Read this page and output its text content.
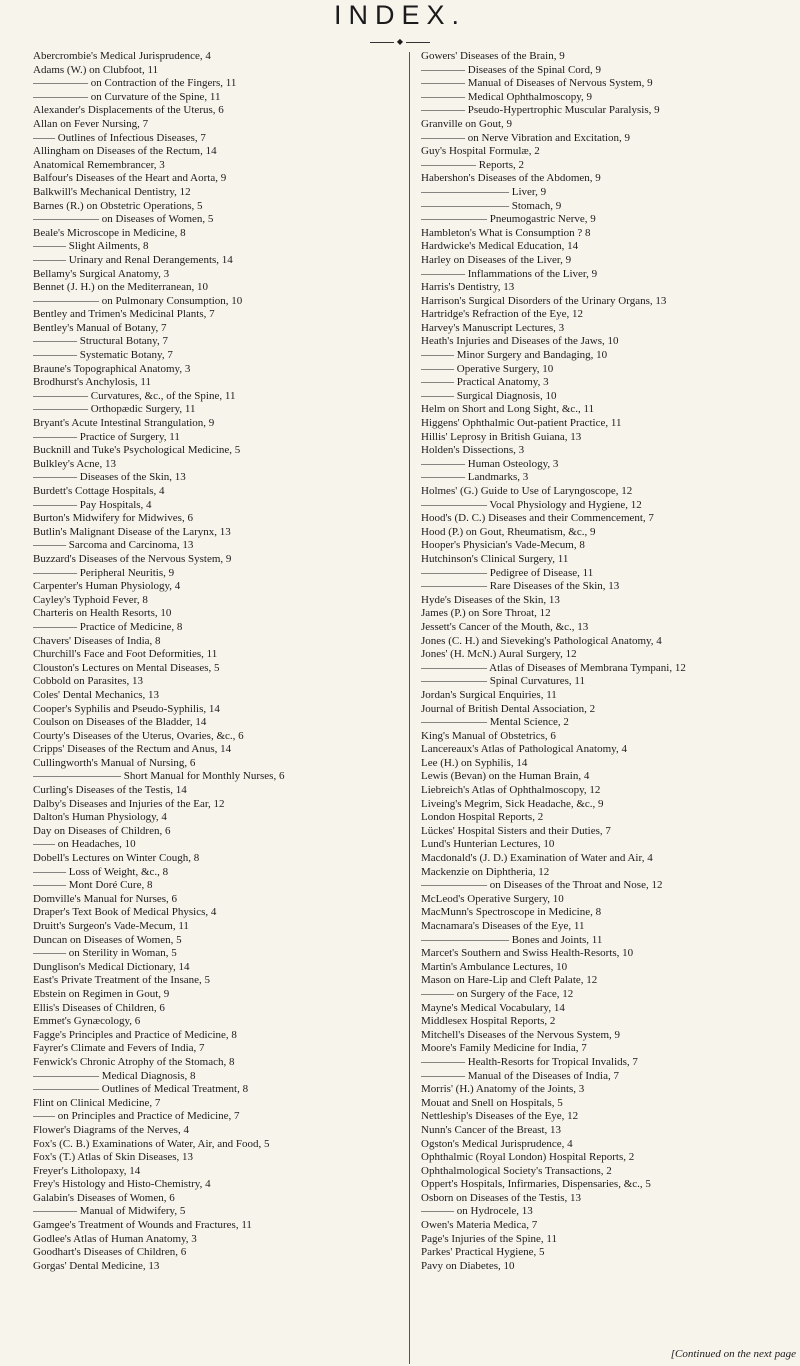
INDEX.
◆
Abercrombie's Medical Jurisprudence, 4
Adams (W.) on Clubfoot, 11
————— on Contraction of the Fingers, 11
————— on Curvature of the Spine, 11
Alexander's Displacements of the Uterus, 6
Allan on Fever Nursing, 7
—— Outlines of Infectious Diseases, 7
Allingham on Diseases of the Rectum, 14
Anatomical Remembrancer, 3
Balfour's Diseases of the Heart and Aorta, 9
Balkwill's Mechanical Dentistry, 12
Barnes (R.) on Obstetric Operations, 5
—————— on Diseases of Women, 5
Beale's Microscope in Medicine, 8
——— Slight Ailments, 8
——— Urinary and Renal Derangements, 14
Bellamy's Surgical Anatomy, 3
Bennet (J. H.) on the Mediterranean, 10
—————— on Pulmonary Consumption, 10
Bentley and Trimen's Medicinal Plants, 7
Bentley's Manual of Botany, 7
———— Structural Botany, 7
———— Systematic Botany, 7
Braune's Topographical Anatomy, 3
Brodhurst's Anchylosis, 11
————— Curvatures, &c., of the Spine, 11
————— Orthopædic Surgery, 11
Bryant's Acute Intestinal Strangulation, 9
———— Practice of Surgery, 11
Bucknill and Tuke's Psychological Medicine, 5
Bulkley's Acne, 13
———— Diseases of the Skin, 13
Burdett's Cottage Hospitals, 4
———— Pay Hospitals, 4
Burton's Midwifery for Midwives, 6
Butlin's Malignant Disease of the Larynx, 13
——— Sarcoma and Carcinoma, 13
Buzzard's Diseases of the Nervous System, 9
———— Peripheral Neuritis, 9
Carpenter's Human Physiology, 4
Cayley's Typhoid Fever, 8
Charteris on Health Resorts, 10
———— Practice of Medicine, 8
Chavers' Diseases of India, 8
Churchill's Face and Foot Deformities, 11
Clouston's Lectures on Mental Diseases, 5
Cobbold on Parasites, 13
Coles' Dental Mechanics, 13
Cooper's Syphilis and Pseudo-Syphilis, 14
Coulson on Diseases of the Bladder, 14
Courty's Diseases of the Uterus, Ovaries, &c., 6
Cripps' Diseases of the Rectum and Anus, 14
Cullingworth's Manual of Nursing, 6
———————— Short Manual for Monthly Nurses, 6
Curling's Diseases of the Testis, 14
Dalby's Diseases and Injuries of the Ear, 12
Dalton's Human Physiology, 4
Day on Diseases of Children, 6
—— on Headaches, 10
Dobell's Lectures on Winter Cough, 8
——— Loss of Weight, &c., 8
——— Mont Doré Cure, 8
Domville's Manual for Nurses, 6
Draper's Text Book of Medical Physics, 4
Druitt's Surgeon's Vade-Mecum, 11
Duncan on Diseases of Women, 5
——— on Sterility in Woman, 5
Dunglison's Medical Dictionary, 14
East's Private Treatment of the Insane, 5
Ebstein on Regimen in Gout, 9
Ellis's Diseases of Children, 6
Emmet's Gynæcology, 6
Fagge's Principles and Practice of Medicine, 8
Fayrer's Climate and Fevers of India, 7
Fenwick's Chronic Atrophy of the Stomach, 8
—————— Medical Diagnosis, 8
—————— Outlines of Medical Treatment, 8
Flint on Clinical Medicine, 7
—— on Principles and Practice of Medicine, 7
Flower's Diagrams of the Nerves, 4
Fox's (C. B.) Examinations of Water, Air, and Food, 5
Fox's (T.) Atlas of Skin Diseases, 13
Freyer's Litholopaxy, 14
Frey's Histology and Histo-Chemistry, 4
Galabin's Diseases of Women, 6
———— Manual of Midwifery, 5
Gamgee's Treatment of Wounds and Fractures, 11
Godlee's Atlas of Human Anatomy, 3
Goodhart's Diseases of Children, 6
Gorgas' Dental Medicine, 13
Gowers' Diseases of the Brain, 9
———— Diseases of the Spinal Cord, 9
———— Manual of Diseases of Nervous System, 9
———— Medical Ophthalmoscopy, 9
———— Pseudo-Hypertrophic Muscular Paralysis, 9
Granville on Gout, 9
———— on Nerve Vibration and Excitation, 9
Guy's Hospital Formulæ, 2
————— Reports, 2
Habershon's Diseases of the Abdomen, 9
———————— Liver, 9
———————— Stomach, 9
—————— Pneumogastric Nerve, 9
Hambleton's What is Consumption ? 8
Hardwicke's Medical Education, 14
Harley on Diseases of the Liver, 9
———— Inflammations of the Liver, 9
Harris's Dentistry, 13
Harrison's Surgical Disorders of the Urinary Organs, 13
Hartridge's Refraction of the Eye, 12
Harvey's Manuscript Lectures, 3
Heath's Injuries and Diseases of the Jaws, 10
——— Minor Surgery and Bandaging, 10
——— Operative Surgery, 10
——— Practical Anatomy, 3
——— Surgical Diagnosis, 10
Helm on Short and Long Sight, &c., 11
Higgens' Ophthalmic Out-patient Practice, 11
Hillis' Leprosy in British Guiana, 13
Holden's Dissections, 3
———— Human Osteology, 3
———— Landmarks, 3
Holmes' (G.) Guide to Use of Laryngoscope, 12
—————— Vocal Physiology and Hygiene, 12
Hood's (D. C.) Diseases and their Commencement, 7
Hood (P.) on Gout, Rheumatism, &c., 9
Hooper's Physician's Vade-Mecum, 8
Hutchinson's Clinical Surgery, 11
—————— Pedigree of Disease, 11
—————— Rare Diseases of the Skin, 13
Hyde's Diseases of the Skin, 13
James (P.) on Sore Throat, 12
Jessett's Cancer of the Mouth, &c., 13
Jones (C. H.) and Sieveking's Pathological Anatomy, 4
Jones' (H. McN.) Aural Surgery, 12
—————— Atlas of Diseases of Membrana Tympani, 12
—————— Spinal Curvatures, 11
Jordan's Surgical Enquiries, 11
Journal of British Dental Association, 2
—————— Mental Science, 2
King's Manual of Obstetrics, 6
Lancereaux's Atlas of Pathological Anatomy, 4
Lee (H.) on Syphilis, 14
Lewis (Bevan) on the Human Brain, 4
Liebreich's Atlas of Ophthalmoscopy, 12
Liveing's Megrim, Sick Headache, &c., 9
London Hospital Reports, 2
Lückes' Hospital Sisters and their Duties, 7
Lund's Hunterian Lectures, 10
Macdonald's (J. D.) Examination of Water and Air, 4
Mackenzie on Diphtheria, 12
—————— on Diseases of the Throat and Nose, 12
McLeod's Operative Surgery, 10
MacMunn's Spectroscope in Medicine, 8
Macnamara's Diseases of the Eye, 11
———————— Bones and Joints, 11
Marcet's Southern and Swiss Health-Resorts, 10
Martin's Ambulance Lectures, 10
Mason on Hare-Lip and Cleft Palate, 12
——— on Surgery of the Face, 12
Mayne's Medical Vocabulary, 14
Middlesex Hospital Reports, 2
Mitchell's Diseases of the Nervous System, 9
Moore's Family Medicine for India, 7
———— Health-Resorts for Tropical Invalids, 7
———— Manual of the Diseases of India, 7
Morris' (H.) Anatomy of the Joints, 3
Mouat and Snell on Hospitals, 5
Nettleship's Diseases of the Eye, 12
Nunn's Cancer of the Breast, 13
Ogston's Medical Jurisprudence, 4
Ophthalmic (Royal London) Hospital Reports, 2
Ophthalmological Society's Transactions, 2
Oppert's Hospitals, Infirmaries, Dispensaries, &c., 5
Osborn on Diseases of the Testis, 13
——— on Hydrocele, 13
Owen's Materia Medica, 7
Page's Injuries of the Spine, 11
Parkes' Practical Hygiene, 5
Pavy on Diabetes, 10
[Continued on the next page
